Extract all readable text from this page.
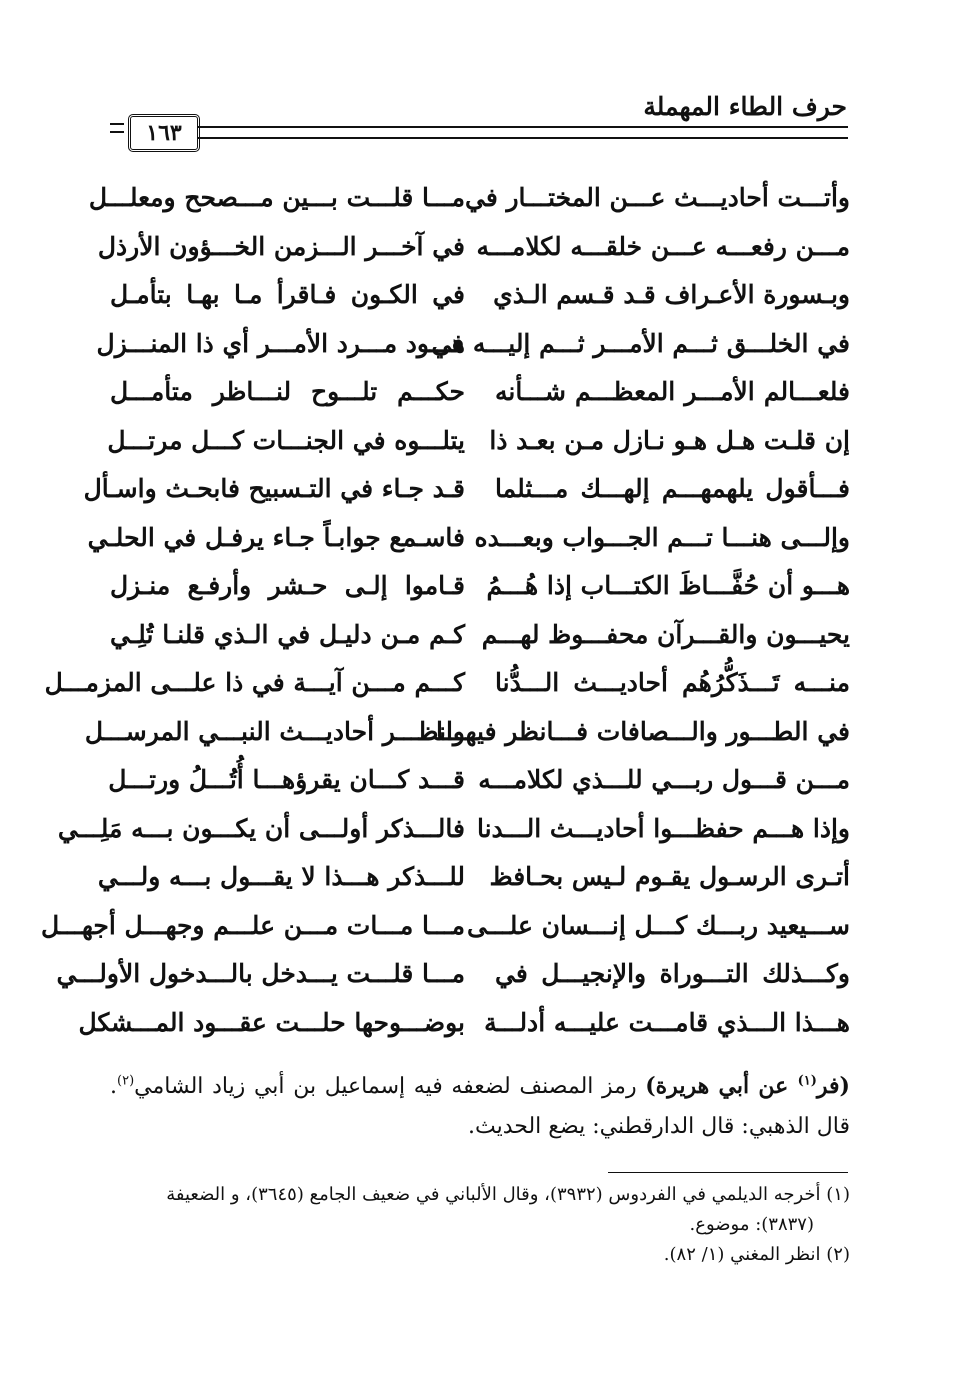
حرف الطاء المهملة
١٦٣
وأتـــت أحاديـــث عـــن المختـــار في
مـــا قلـــت بـــين مـــصحح ومعلـــل
مـــن رفعـــه عـــن خلقـــه لكلامـــه
في آخـــر الـــزمن الخـــؤون الأرذل
وبـسورة الأعـراف قـد قـسم الـذي
في الكـون فـاقرأ مـا بهـا بتأمـل
في الخلـــق ثـــم الأمـــر ثـــم إليـــه في
هـــود مـــرد الأمـــر أي ذا المنـــزل
فلعـــالم الأمـــر المعظـــم شـــأنه
حكـــم تلـــوح لنـــاظر متأمـــل
إن قلـت هـل هـو نـازل مـن بعـد ذا
يتلـــوه في الجنـــات كـــل مرتـــل
فـــأقول يلهمهـــم إلهـــك مـــثلما
قـد جـاء في التـسبيح فابحـث واسـأل
وإلـــى هنـــا تـــم الجـــواب وبعـــده
فاسـمع جوابـاً جـاء يرفـل في الحلـي
هـــو أن حُفَّـــاظَ الكتـــاب إذا هُـــمُ
قـاموا إلـى حـشر وأرفـع منـزل
يحيـــون والقـــرآن محفـــوظ لهـــم
كـم مـن دليـل في الـذي قلنـا تُلِـي
منـــه تَـــذَكُّرُهُم أحاديـــث الـــدُّنا
كـــم مـــن آيـــة في ذا علـــى المزمـــل
في الطـــور والـــصافات فـــانظر فيهـــا
وانظـــر أحاديـــث النبـــي المرســـل
مـــن قـــول ربـــي للـــذي لكلامـــه
قـــد كـــان يقرؤهـــا أُتُـــلُ ورتـــل
وإذا هـــم حفظـــوا أحاديـــث الـــدنا
فالـــذكر أولـــى أن يكـــون بـــه مَلِـــي
أتـرى الرسـول يقـوم لـيس بحـافظ
للـــذكر هـــذا لا يقـــول بـــه ولـــي
ســـيعيد ربـــك كـــل إنـــسان علـــى
مـــا مـــات مـــن علـــم وجهـــل أجهـــل
وكـــذلك التـــوراة والإنجيـــل في
مـــا قلـــت يـــدخل بالـــدخول الأولـــي
هـــذا الـــذي قامـــت عليـــه أدلـــة
بوضـــوحها حلـــت عقـــود المـــشكل
(فر$^{(١)}$ عن أبي هريرة) رمز المصنف لضعفه فيه إسماعيل بن أبي زياد الشامي$^{(٢)}$. قال الذهبي: قال الدارقطني: يضع الحديث.

(١) أخرجه الديلمي في الفردوس (٣٩٣٢)، وقال الألباني في ضعيف الجامع (٣٦٤٥)، و الضعيفة

(٣٨٣٧): موضوع.

(٢) انظر المغني (١/ ٨٢).
